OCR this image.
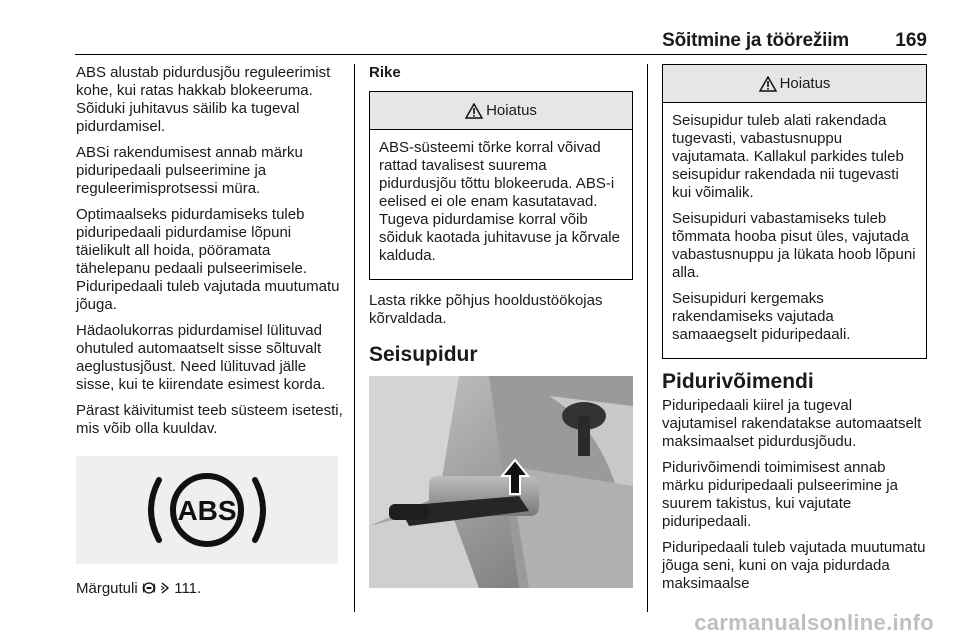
Sõitmine ja töörežiim 169

ABS alustab pidurdusjõu reguleerimist kohe, kui ratas hakkab blokeeruma. Sõiduki juhitavus säilib ka tugeval pidurdamisel.

ABSi rakendumisest annab märku piduripedaali pulseerimine ja reguleerimisprotsessi müra.

Optimaalseks pidurdamiseks tuleb piduripedaali pidurdamise lõpuni täielikult all hoida, pööramata tähelepanu pedaali pulseerimisele. Piduripedaali tuleb vajutada muutumatu jõuga.

Hädaolukorras pidurdamisel lülituvad ohutuled automaatselt sisse sõltuvalt aeglustusjõust. Need lülituvad jälle sisse, kui te kiirendate esimest korda.

Pärast käivitumist teeb süsteem isetesti, mis võib olla kuuldav.

ABS

Märgutuli 111.

Rike
Hoiatus

ABS-süsteemi tõrke korral võivad rattad tavalisest suurema pidurdusjõu tõttu blokeeruda. ABS-i eelised ei ole enam kasutatavad. Tugeva pidurdamise korral võib sõiduk kaotada juhitavuse ja kõrvale kalduda.

Lasta rikke põhjus hooldustöökojas kõrvaldada.

Seisupidur
Hoiatus

Seisupidur tuleb alati rakendada tugevasti, vabastusnuppu vajutamata. Kallakul parkides tuleb seisupidur rakendada nii tugevasti kui võimalik.

Seisupiduri vabastamiseks tuleb tõmmata hooba pisut üles, vajutada vabastusnuppu ja lükata hoob lõpuni alla.

Seisupiduri kergemaks rakendamiseks vajutada samaaegselt piduripedaali.

Pidurivõimendi

Piduripedaali kiirel ja tugeval vajutamisel rakendatakse automaatselt maksimaalset pidurdusjõudu.

Pidurivõimendi toimimisest annab märku piduripedaali pulseerimine ja suurem takistus, kui vajutate piduripedaali.

Piduripedaali tuleb vajutada muutumatu jõuga seni, kuni on vaja pidurdada maksimaalse

carmanualsonline.info
